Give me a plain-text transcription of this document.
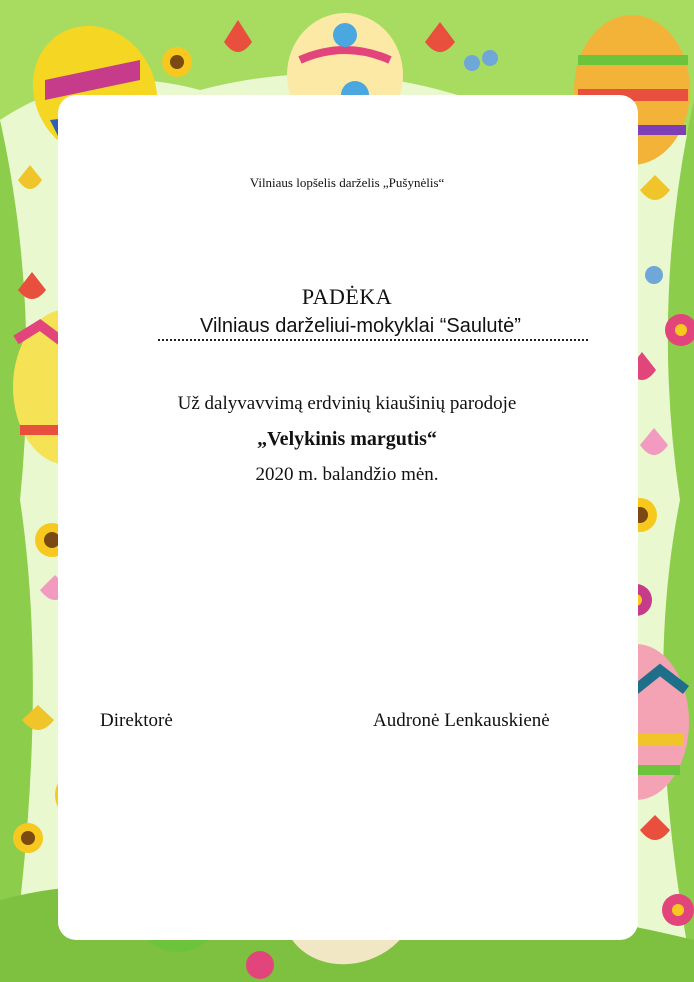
Vilniaus lopšelis darželis „Pušynėlis“
PADĖKA
Vilniaus darželiui-mokyklai “Saulutė”
Už dalyvavvimą erdvinių kiaušinių parodoje
„Velykinis margutis“
2020 m. balandžio mėn.
Direktorė	Audronė Lenkauskienė
